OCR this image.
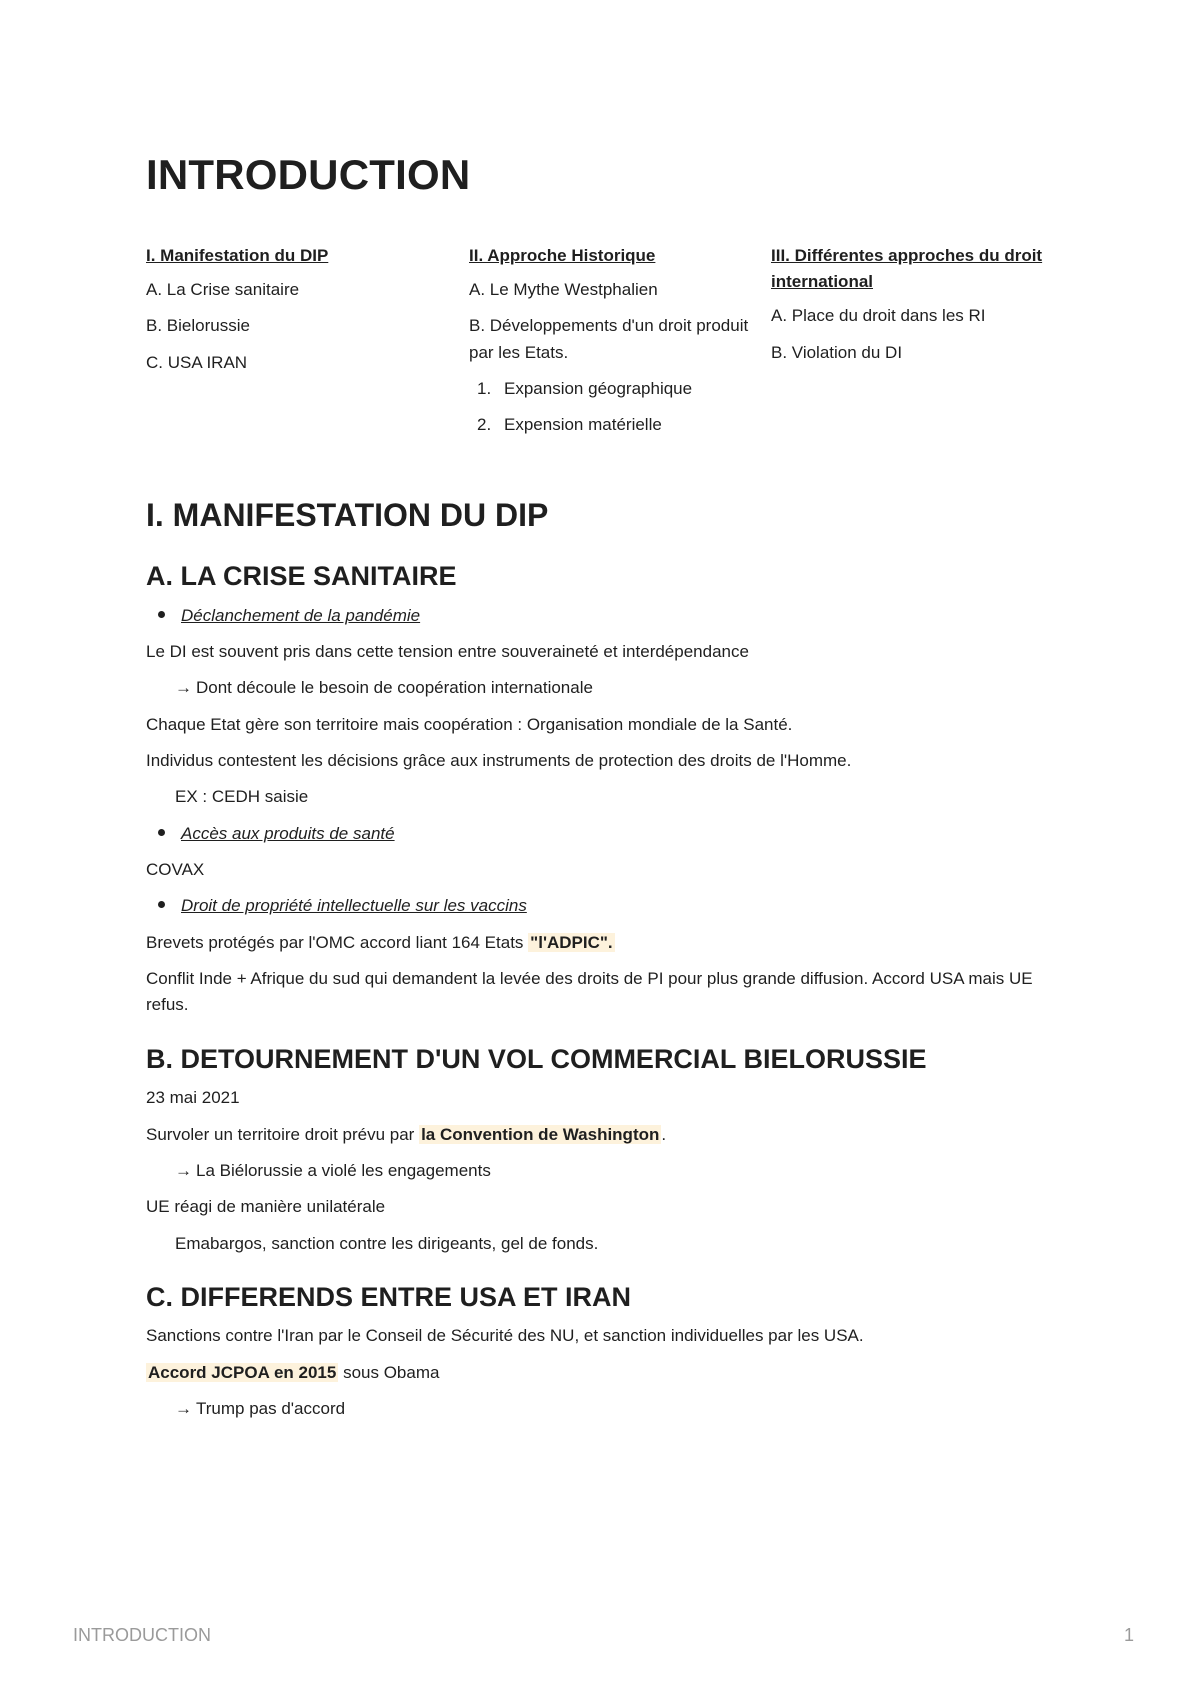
INTRODUCTION
I. Manifestation du DIP
A. La Crise sanitaire
B. Bielorussie
C. USA IRAN
II. Approche Historique
A. Le Mythe Westphalien
B. Développements d'un droit produit par les Etats.
1. Expansion géographique
2. Expension matérielle
III. Différentes approches du droit international
A. Place du droit dans les RI
B. Violation du DI
I. MANIFESTATION DU DIP
A. LA CRISE SANITAIRE
Déclanchement de la pandémie

Le DI est souvent pris dans cette tension entre souveraineté et interdépendance

→ Dont découle le besoin de coopération internationale

Chaque Etat gère son territoire mais coopération : Organisation mondiale de la Santé.

Individus contestent les décisions grâce aux instruments de protection des droits de l'Homme.

EX : CEDH saisie

Accès aux produits de santé

COVAX

Droit de propriété intellectuelle sur les vaccins

Brevets protégés par l'OMC accord liant 164 Etats "l'ADPIC".

Conflit Inde + Afrique du sud qui demandent la levée des droits de PI pour plus grande diffusion. Accord USA mais UE refus.

B. DETOURNEMENT D'UN VOL COMMERCIAL BIELORUSSIE

23 mai 2021

Survoler un territoire droit prévu par la Convention de Washington .

→ La Biélorussie a violé les engagements

UE réagi de manière unilatérale

Emabargos, sanction contre les dirigeants, gel de fonds.

C. DIFFERENDS ENTRE USA ET IRAN

Sanctions contre l'Iran par le Conseil de Sécurité des NU, et sanction individuelles par les USA.

Accord JCPOA en 2015 sous Obama

→ Trump pas d'accord

INTRODUCTION	1
